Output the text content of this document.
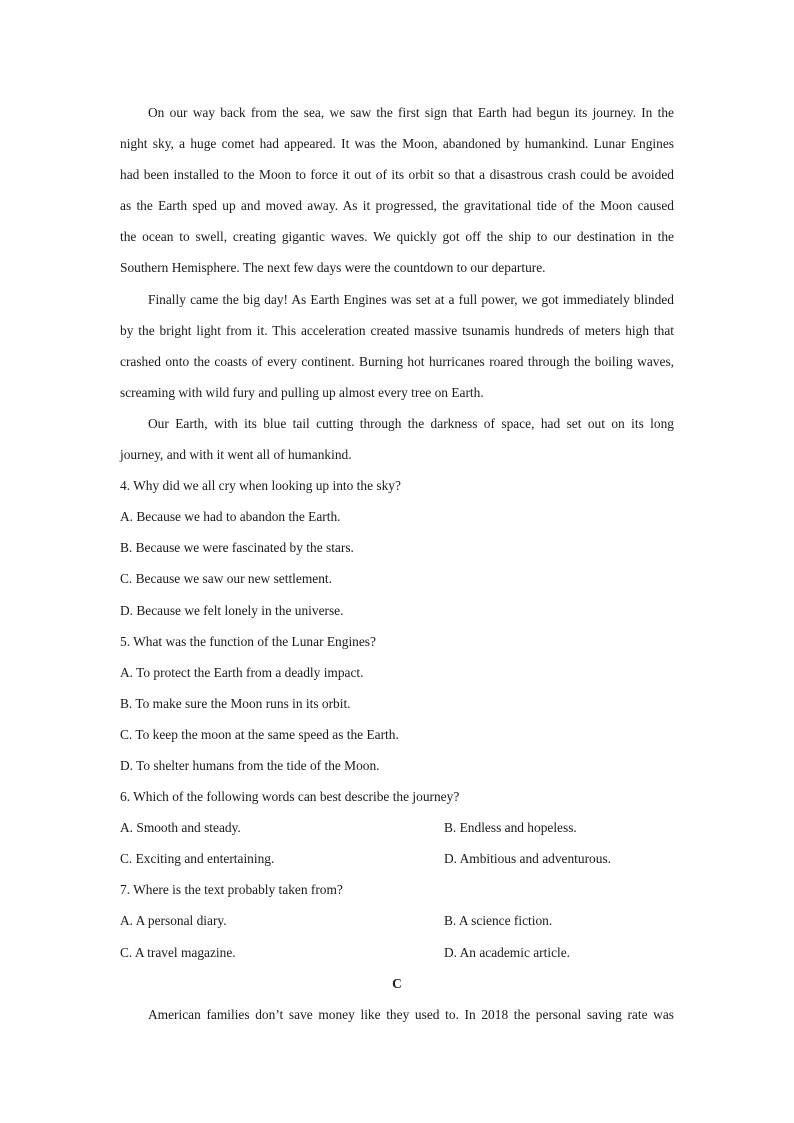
On our way back from the sea, we saw the first sign that Earth had begun its journey. In the
night sky, a huge comet had appeared. It was the Moon, abandoned by humankind. Lunar Engines
had been installed to the Moon to force it out of its orbit so that a disastrous crash could be avoided
as the Earth sped up and moved away. As it progressed, the gravitational tide of the Moon caused
the ocean to swell, creating gigantic waves. We quickly got off the ship to our destination in the
Southern Hemisphere. The next few days were the countdown to our departure.
Finally came the big day! As Earth Engines was set at a full power, we got immediately blinded
by the bright light from it. This acceleration created massive tsunamis hundreds of meters high that
crashed onto the coasts of every continent. Burning hot hurricanes roared through the boiling waves,
screaming with wild fury and pulling up almost every tree on Earth.
Our Earth, with its blue tail cutting through the darkness of space, had set out on its long
journey, and with it went all of humankind.
4. Why did we all cry when looking up into the sky?
A. Because we had to abandon the Earth.
B. Because we were fascinated by the stars.
C. Because we saw our new settlement.
D. Because we felt lonely in the universe.
5. What was the function of the Lunar Engines?
A. To protect the Earth from a deadly impact.
B. To make sure the Moon runs in its orbit.
C. To keep the moon at the same speed as the Earth.
D. To shelter humans from the tide of the Moon.
6. Which of the following words can best describe the journey?
A. Smooth and steady.	B. Endless and hopeless.
C. Exciting and entertaining.	D. Ambitious and adventurous.
7. Where is the text probably taken from?
A. A personal diary.	B. A science fiction.
C. A travel magazine.	D. An academic article.
C
American families don’t save money like they used to. In 2018 the personal saving rate was
